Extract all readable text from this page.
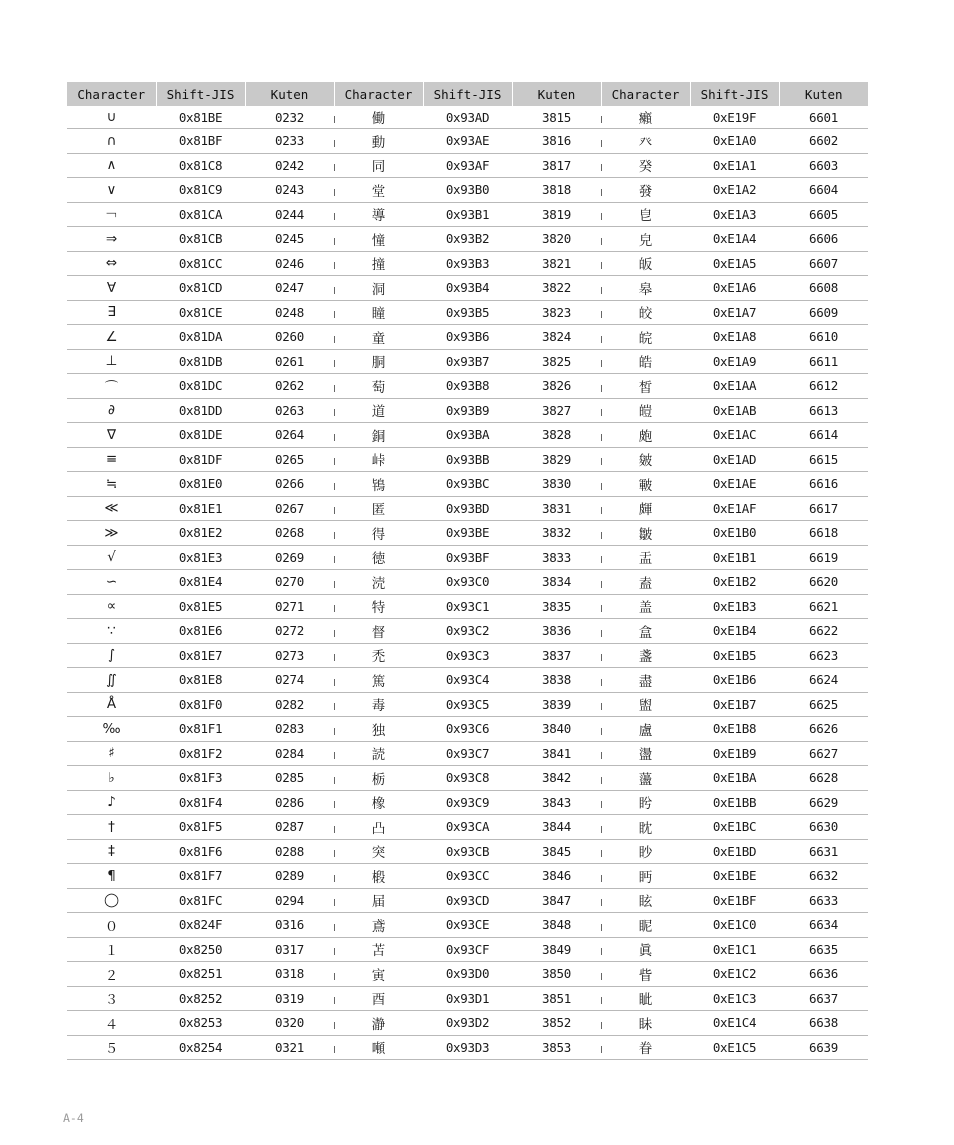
Character	Shift-JIS	Kuten	Character	Shift-JIS	Kuten	Character	Shift-JIS	Kuten
∪	0x81BE	0232	働	0x93AD	3815	癩	0xE19F	6601
∩	0x81BF	0233	動	0x93AE	3816	癶	0xE1A0	6602
∧	0x81C8	0242	同	0x93AF	3817	癸	0xE1A1	6603
∨	0x81C9	0243	堂	0x93B0	3818	發	0xE1A2	6604
￢	0x81CA	0244	導	0x93B1	3819	皀	0xE1A3	6605
⇒	0x81CB	0245	憧	0x93B2	3820	皃	0xE1A4	6606
⇔	0x81CC	0246	撞	0x93B3	3821	皈	0xE1A5	6607
∀	0x81CD	0247	洞	0x93B4	3822	皋	0xE1A6	6608
∃	0x81CE	0248	瞳	0x93B5	3823	皎	0xE1A7	6609
∠	0x81DA	0260	童	0x93B6	3824	皖	0xE1A8	6610
⊥	0x81DB	0261	胴	0x93B7	3825	皓	0xE1A9	6611
⌒	0x81DC	0262	萄	0x93B8	3826	皙	0xE1AA	6612
∂	0x81DD	0263	道	0x93B9	3827	皚	0xE1AB	6613
∇	0x81DE	0264	銅	0x93BA	3828	皰	0xE1AC	6614
≡	0x81DF	0265	峠	0x93BB	3829	皴	0xE1AD	6615
≒	0x81E0	0266	鴇	0x93BC	3830	皸	0xE1AE	6616
≪	0x81E1	0267	匿	0x93BD	3831	皹	0xE1AF	6617
≫	0x81E2	0268	得	0x93BE	3832	皺	0xE1B0	6618
√	0x81E3	0269	徳	0x93BF	3833	盂	0xE1B1	6619
∽	0x81E4	0270	涜	0x93C0	3834	盍	0xE1B2	6620
∝	0x81E5	0271	特	0x93C1	3835	盖	0xE1B3	6621
∵	0x81E6	0272	督	0x93C2	3836	盒	0xE1B4	6622
∫	0x81E7	0273	禿	0x93C3	3837	盞	0xE1B5	6623
∬	0x81E8	0274	篤	0x93C4	3838	盡	0xE1B6	6624
Å	0x81F0	0282	毒	0x93C5	3839	盥	0xE1B7	6625
‰	0x81F1	0283	独	0x93C6	3840	盧	0xE1B8	6626
♯	0x81F2	0284	読	0x93C7	3841	盪	0xE1B9	6627
♭	0x81F3	0285	栃	0x93C8	3842	蘯	0xE1BA	6628
♪	0x81F4	0286	橡	0x93C9	3843	盻	0xE1BB	6629
†	0x81F5	0287	凸	0x93CA	3844	眈	0xE1BC	6630
‡	0x81F6	0288	突	0x93CB	3845	眇	0xE1BD	6631
¶	0x81F7	0289	椴	0x93CC	3846	眄	0xE1BE	6632
◯	0x81FC	0294	届	0x93CD	3847	眩	0xE1BF	6633
０	0x824F	0316	鳶	0x93CE	3848	眤	0xE1C0	6634
１	0x8250	0317	苫	0x93CF	3849	眞	0xE1C1	6635
２	0x8251	0318	寅	0x93D0	3850	眥	0xE1C2	6636
３	0x8252	0319	酉	0x93D1	3851	眦	0xE1C3	6637
４	0x8253	0320	瀞	0x93D2	3852	眛	0xE1C4	6638
５	0x8254	0321	噸	0x93D3	3853	眷	0xE1C5	6639
A-4
